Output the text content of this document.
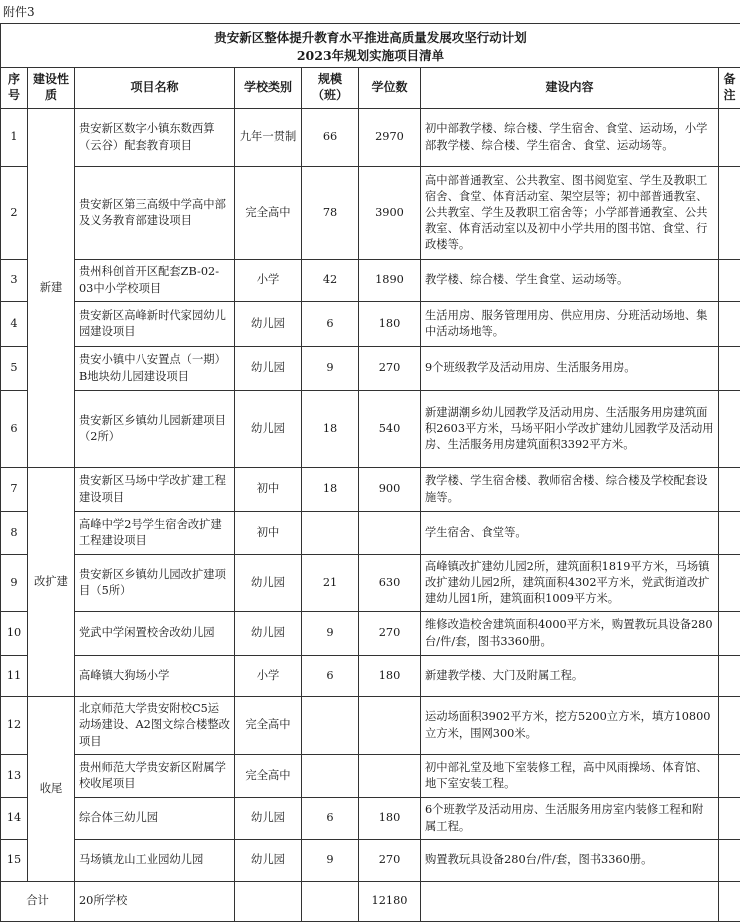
附件3
贵安新区整体提升教育水平推进高质量发展攻坚行动计划
2023年规划实施项目清单							

序号	建设性质	项目名称	学校类别	规模（班）	学位数	建设内容	备注
1	新建	贵安新区数字小镇东数西算（云谷）配套教育项目	九年一贯制	66	2970	初中部教学楼、综合楼、学生宿舍、食堂、运动场，小学部教学楼、综合楼、学生宿舍、食堂、运动场等。	
2		贵安新区第三高级中学高中部及义务教育部建设项目	完全高中	78	3900	高中部普通教室、公共教室、图书阅览室、学生及教职工宿舍、食堂、体育活动室、架空层等；初中部普通教室、公共教室、学生及教职工宿舍等；小学部普通教室、公共教室、体育活动室以及初中小学共用的图书馆、食堂、行政楼等。	
3		贵州科创首开区配套ZB-02-03中小学校项目	小学	42	1890	教学楼、综合楼、学生食堂、运动场等。	
4		贵安新区高峰新时代家园幼儿园建设项目	幼儿园	6	180	生活用房、服务管理用房、供应用房、分班活动场地、集中活动场地等。	
5		贵安小镇中八安置点（一期）B地块幼儿园建设项目	幼儿园	9	270	9个班级教学及活动用房、生活服务用房。	
6		贵安新区乡镇幼儿园新建项目（2所）	幼儿园	18	540	新建湖潮乡幼儿园教学及活动用房、生活服务用房建筑面积2603平方米，马场平阳小学改扩建幼儿园教学及活动用房、生活服务用房建筑面积3392平方米。	
7	改扩建	贵安新区马场中学改扩建工程建设项目	初中	18	900	教学楼、学生宿舍楼、教师宿舍楼、综合楼及学校配套设施等。	
8		高峰中学2号学生宿舍改扩建工程建设项目	初中			学生宿舍、食堂等。	
9		贵安新区乡镇幼儿园改扩建项目（5所）	幼儿园	21	630	高峰镇改扩建幼儿园2所，建筑面积1819平方米，马场镇改扩建幼儿园2所，建筑面积4302平方米，党武街道改扩建幼儿园1所，建筑面积1009平方米。	
10		党武中学闲置校舍改幼儿园	幼儿园	9	270	维修改造校舍建筑面积4000平方米，购置教玩具设备280台/件/套，图书3360册。	
11		高峰镇大狗场小学	小学	6	180	新建教学楼、大门及附属工程。	
12	收尾	北京师范大学贵安附校C5运动场建设、A2图文综合楼整改项目	完全高中			运动场面积3902平方米，挖方5200立方米，填方10800立方米，围网300米。	
13		贵州师范大学贵安新区附属学校收尾项目	完全高中			初中部礼堂及地下室装修工程，高中风雨操场、体育馆、地下室安装工程。	
14		综合体三幼儿园	幼儿园	6	180	6个班教学及活动用房、生活服务用房室内装修工程和附属工程。	
15		马场镇龙山工业园幼儿园	幼儿园	9	270	购置教玩具设备280台/件/套，图书3360册。	
合计		20所学校			12180		
